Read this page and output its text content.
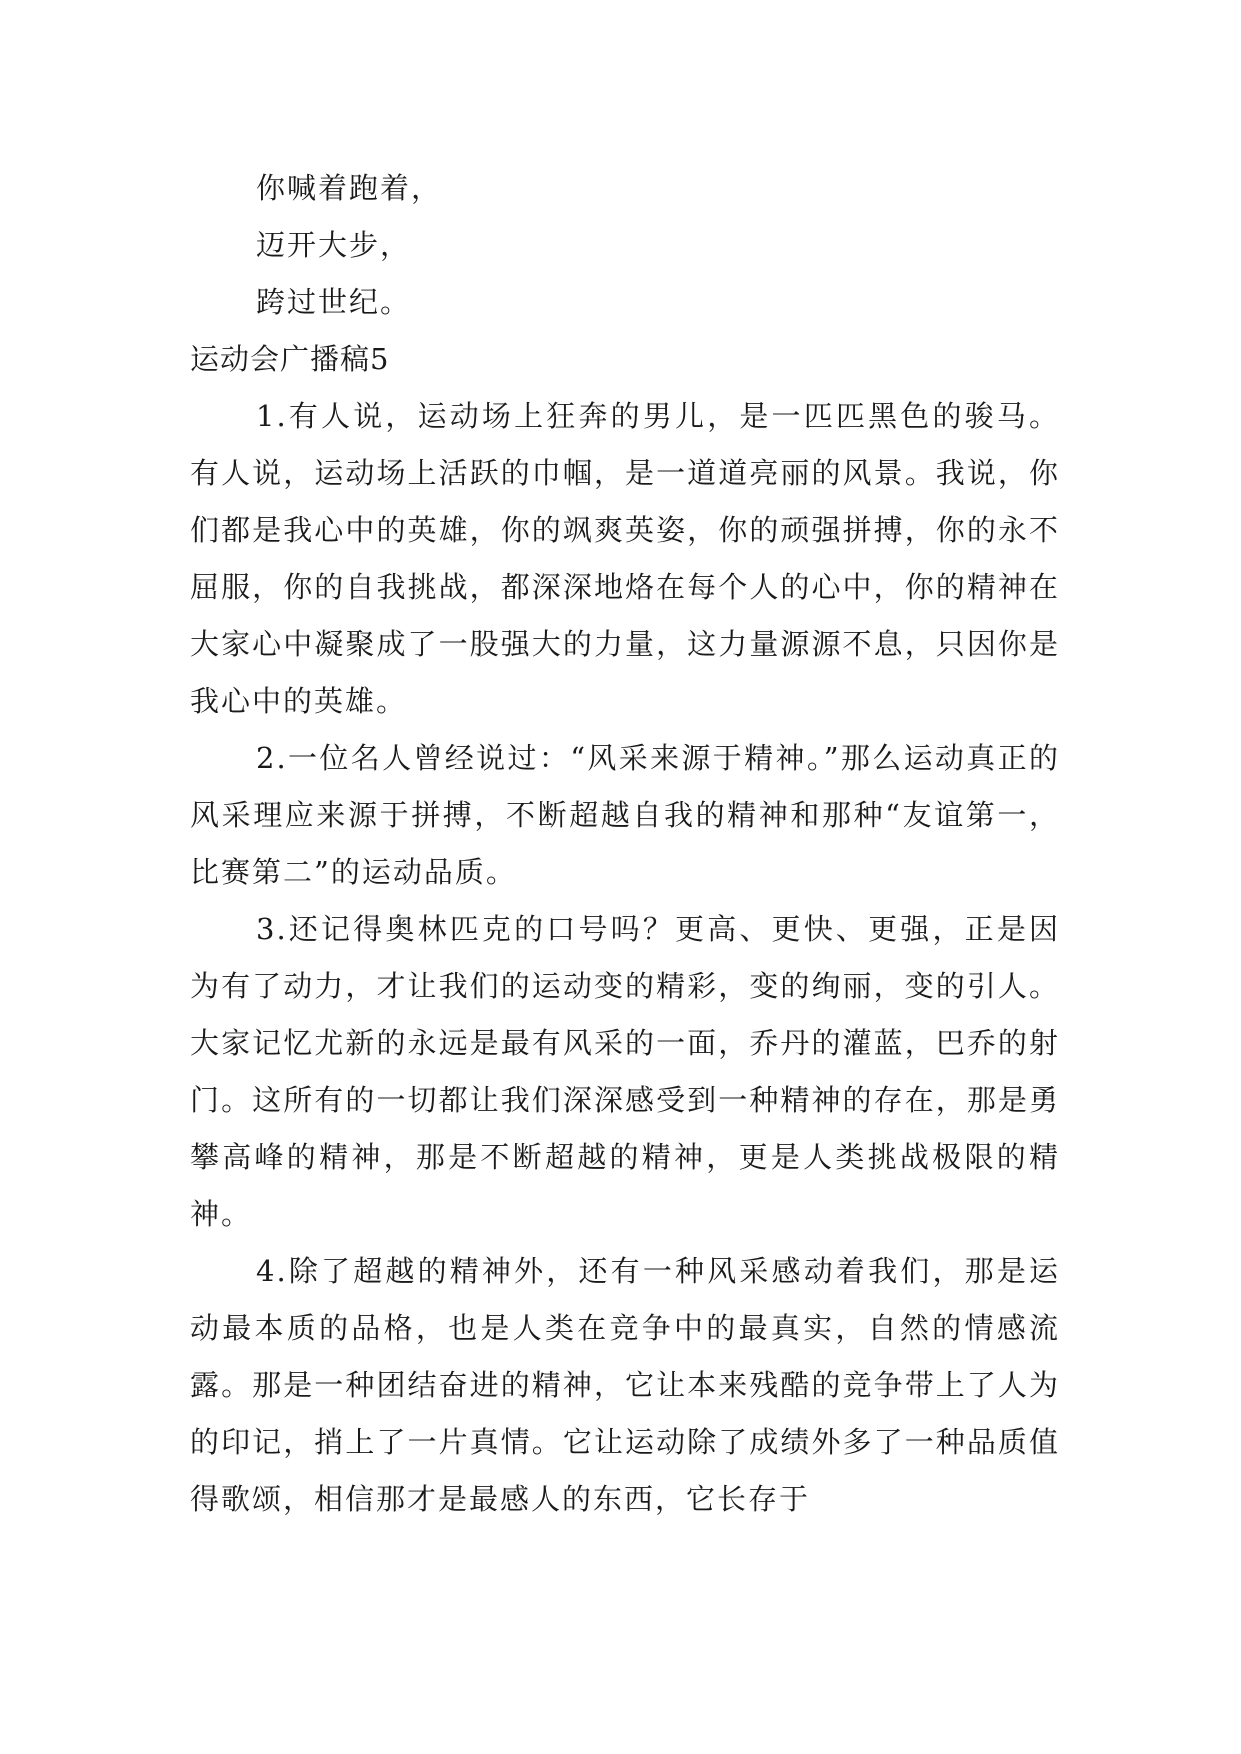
你喊着跑着，

迈开大步，

跨过世纪。

运动会广播稿5

1.有人说，运动场上狂奔的男儿，是一匹匹黑色的骏马。有人说，运动场上活跃的巾帼，是一道道亮丽的风景。我说，你们都是我心中的英雄，你的飒爽英姿，你的顽强拼搏，你的永不屈服，你的自我挑战，都深深地烙在每个人的心中，你的精神在大家心中凝聚成了一股强大的力量，这力量源源不息，只因你是我心中的英雄。

2.一位名人曾经说过：“风采来源于精神。”那么运动真正的风采理应来源于拼搏，不断超越自我的精神和那种“友谊第一，比赛第二”的运动品质。

3.还记得奥林匹克的口号吗？更高、更快、更强，正是因为有了动力，才让我们的运动变的精彩，变的绚丽，变的引人。大家记忆尤新的永远是最有风采的一面，乔丹的灌蓝，巴乔的射门。这所有的一切都让我们深深感受到一种精神的存在，那是勇攀高峰的精神，那是不断超越的精神，更是人类挑战极限的精神。

4.除了超越的精神外，还有一种风采感动着我们，那是运动最本质的品格，也是人类在竞争中的最真实，自然的情感流露。那是一种团结奋进的精神，它让本来残酷的竞争带上了人为的印记，捎上了一片真情。它让运动除了成绩外多了一种品质值得歌颂，相信那才是最感人的东西，它长存于
